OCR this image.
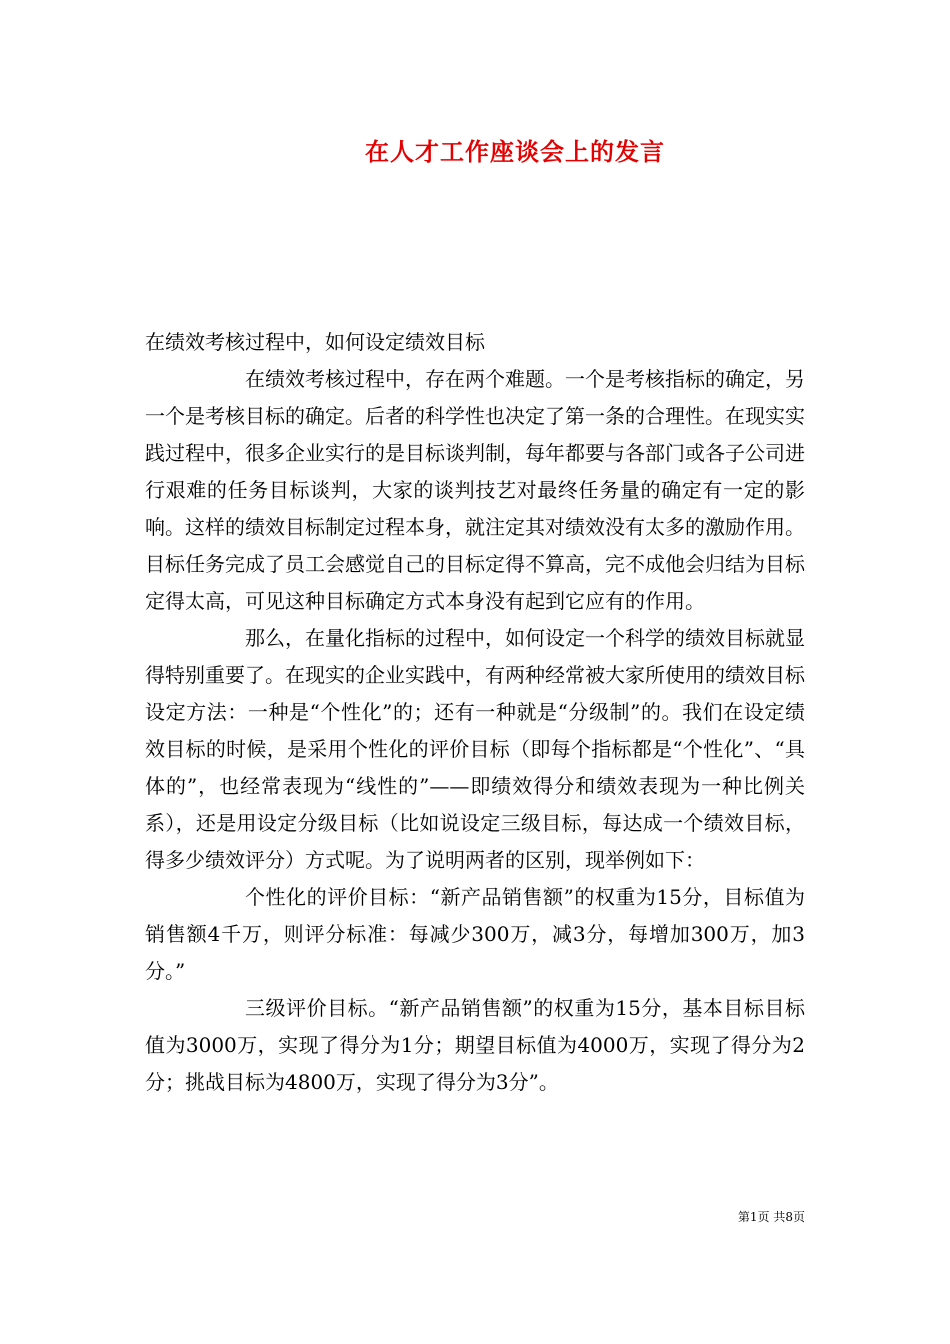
在人才工作座谈会上的发言

在绩效考核过程中，如何设定绩效目标

在绩效考核过程中，存在两个难题。一个是考核指标的确定，另一个是考核目标的确定。后者的科学性也决定了第一条的合理性。在现实实践过程中，很多企业实行的是目标谈判制，每年都要与各部门或各子公司进行艰难的任务目标谈判，大家的谈判技艺对最终任务量的确定有一定的影响。这样的绩效目标制定过程本身，就注定其对绩效没有太多的激励作用。目标任务完成了员工会感觉自己的目标定得不算高，完不成他会归结为目标定得太高，可见这种目标确定方式本身没有起到它应有的作用。

那么，在量化指标的过程中，如何设定一个科学的绩效目标就显得特别重要了。在现实的企业实践中，有两种经常被大家所使用的绩效目标设定方法：一种是“个性化”的；还有一种就是“分级制”的。我们在设定绩效目标的时候，是采用个性化的评价目标（即每个指标都是“个性化”、“具体的”，也经常表现为“线性的”——即绩效得分和绩效表现为一种比例关系），还是用设定分级目标（比如说设定三级目标，每达成一个绩效目标，得多少绩效评分）方式呢。为了说明两者的区别，现举例如下：

个性化的评价目标：“新产品销售额”的权重为15分，目标值为销售额4千万，则评分标准：每减少300万，减3分，每增加300万，加3分。”

三级评价目标。“新产品销售额”的权重为15分，基本目标目标值为3000万，实现了得分为1分；期望目标值为4000万，实现了得分为2分；挑战目标为4800万，实现了得分为3分”。

第1页 共8页
